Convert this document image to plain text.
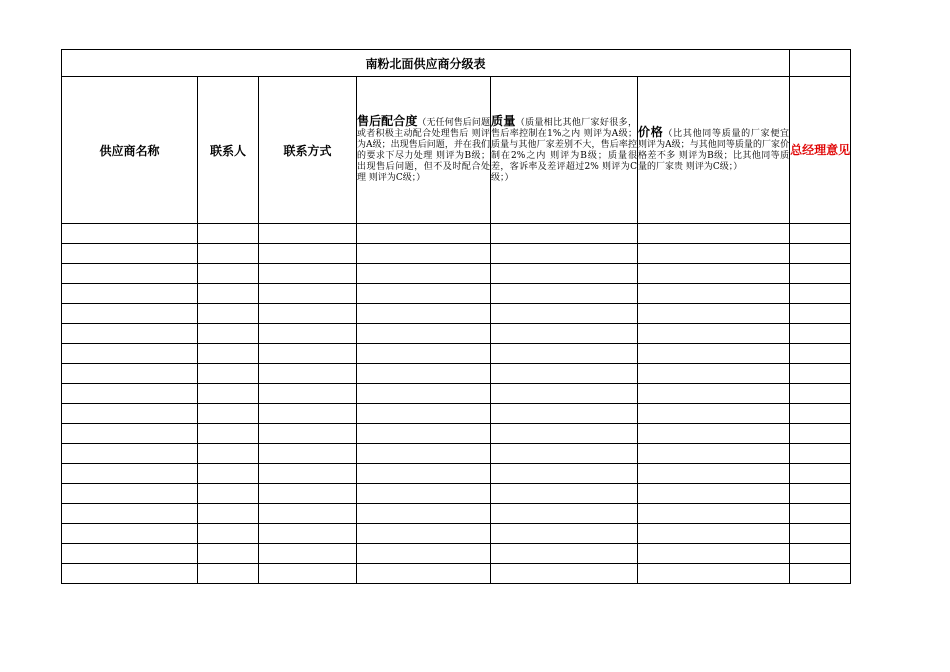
南粉北面供应商分级表						
供应商名称	联系人	联系方式	售后配合度（无任何售后问题或者积极主动配合处理售后 则评为A级；出现售后问题，并在我们的要求下尽力处理 则评为B级；出现售后问题，但不及时配合处理 则评为C级；）	质量（质量相比其他厂家好很多，售后率控制在1%之内 则评为A级；质量与其他厂家差别不大，售后率控制在2%之内 则评为B级；质量很差，客诉率及差评超过2% 则评为C级；）	价格（比其他同等质量的厂家便宜 则评为A级；与其他同等质量的厂家价格差不多 则评为B级；比其他同等质量的厂家贵 则评为C级；）	总经理意见
